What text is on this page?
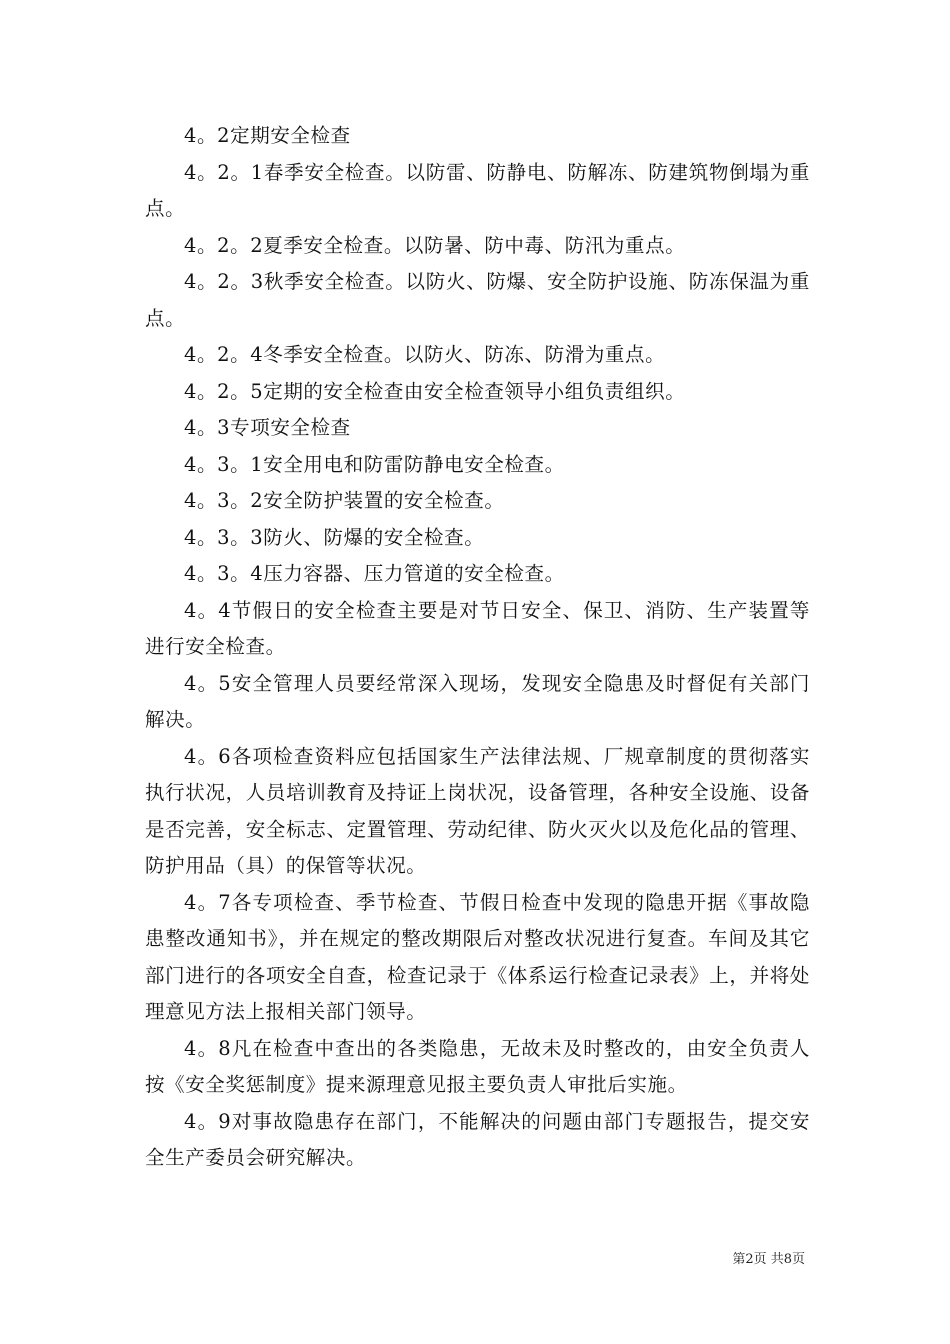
4。2定期安全检查

4。2。1春季安全检查。以防雷、防静电、防解冻、防建筑物倒塌为重点。

4。2。2夏季安全检查。以防暑、防中毒、防汛为重点。

4。2。3秋季安全检查。以防火、防爆、安全防护设施、防冻保温为重点。

4。2。4冬季安全检查。以防火、防冻、防滑为重点。

4。2。5定期的安全检查由安全检查领导小组负责组织。

4。3专项安全检查

4。3。1安全用电和防雷防静电安全检查。

4。3。2安全防护装置的安全检查。

4。3。3防火、防爆的安全检查。

4。3。4压力容器、压力管道的安全检查。

4。4节假日的安全检查主要是对节日安全、保卫、消防、生产装置等进行安全检查。

4。5安全管理人员要经常深入现场，发现安全隐患及时督促有关部门解决。

4。6各项检查资料应包括国家生产法律法规、厂规章制度的贯彻落实执行状况，人员培训教育及持证上岗状况，设备管理，各种安全设施、设备是否完善，安全标志、定置管理、劳动纪律、防火灭火以及危化品的管理、防护用品（具）的保管等状况。

4。7各专项检查、季节检查、节假日检查中发现的隐患开据《事故隐患整改通知书》，并在规定的整改期限后对整改状况进行复查。车间及其它部门进行的各项安全自查，检查记录于《体系运行检查记录表》上，并将处理意见方法上报相关部门领导。

4。8凡在检查中查出的各类隐患，无故未及时整改的，由安全负责人按《安全奖惩制度》提来源理意见报主要负责人审批后实施。

4。9对事故隐患存在部门，不能解决的问题由部门专题报告，提交安全生产委员会研究解决。

第2页 共8页
